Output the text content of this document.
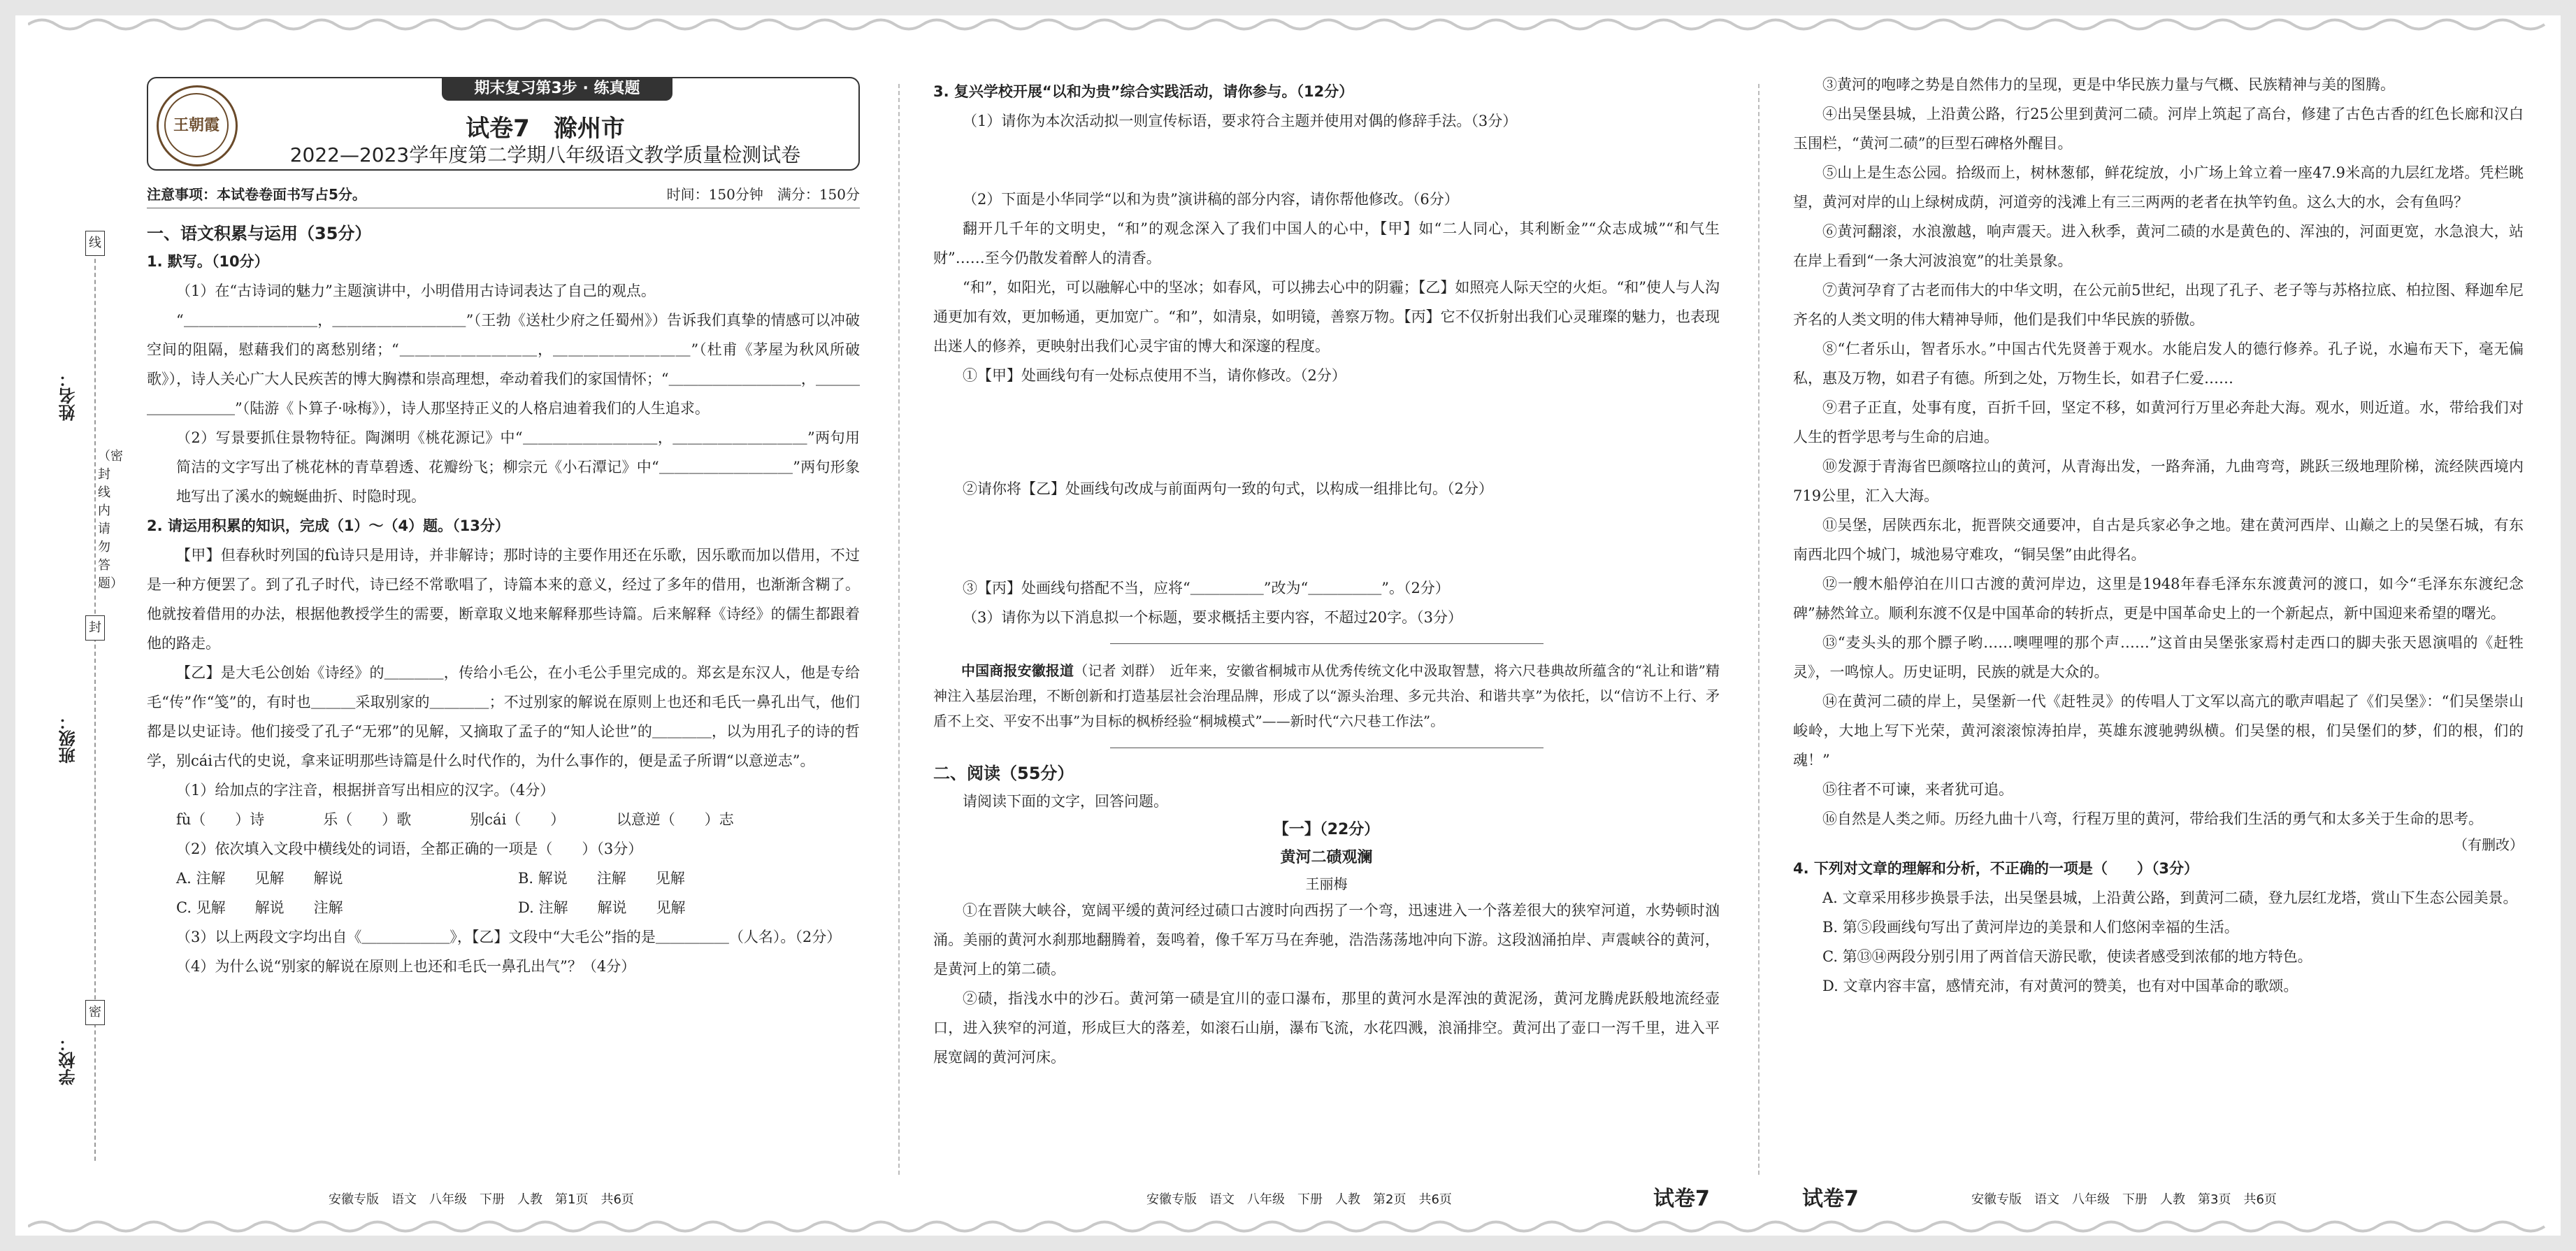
姓名：
班级：
学校：
线
封
密
（密封线内请勿答题）
期末复习第3步 · 练真题
王朝霞	试卷7　滁州市
2022—2023学年度第二学期八年级语文教学质量检测试卷
注意事项：本试卷卷面书写占5分。	时间：150分钟　满分：150分
一、语文积累与运用（35分）

1. 默写。（10分）

（1）在“古诗词的魅力”主题演讲中，小明借用古诗词表达了自己的观点。

“＿＿＿＿＿＿＿＿＿，＿＿＿＿＿＿＿＿＿”（王勃《送杜少府之任蜀州》）告诉我们真挚的情感可以冲破空间的阻隔，慰藉我们的离愁别绪；“＿＿＿＿＿＿＿＿＿，＿＿＿＿＿＿＿＿＿”（杜甫《茅屋为秋风所破歌》），诗人关心广大人民疾苦的博大胸襟和崇高理想，牵动着我们的家国情怀；“＿＿＿＿＿＿＿＿＿，＿＿＿＿＿＿＿＿＿”（陆游《卜算子·咏梅》），诗人那坚持正义的人格启迪着我们的人生追求。

（2）写景要抓住景物特征。陶渊明《桃花源记》中“＿＿＿＿＿＿＿＿＿，＿＿＿＿＿＿＿＿＿”两句用简洁的文字写出了桃花林的青草碧透、花瓣纷飞；柳宗元《小石潭记》中“＿＿＿＿＿＿＿＿＿”两句形象地写出了溪水的蜿蜒曲折、时隐时现。

2. 请运用积累的知识，完成（1）～（4）题。（13分）

【甲】但春秋时列国的fù诗只是用诗，并非解诗；那时诗的主要作用还在乐歌，因乐歌而加以借用，不过是一种方便罢了。到了孔子时代，诗已经不常歌唱了，诗篇本来的意义，经过了多年的借用，也渐渐含糊了。他就按着借用的办法，根据他教授学生的需要，断章取义地来解释那些诗篇。后来解释《诗经》的儒生都跟着他的路走。

【乙】是大毛公创始《诗经》的＿＿＿＿，传给小毛公，在小毛公手里完成的。郑玄是东汉人，他是专给毛“传”作“笺”的，有时也＿＿＿采取别家的＿＿＿＿；不过别家的解说在原则上也还和毛氏一鼻孔出气，他们都是以史证诗。他们接受了孔子“无邪”的见解，又摘取了孟子的“知人论世”的＿＿＿＿，以为用孔子的诗的哲学，别cái古代的史说，拿来证明那些诗篇是什么时代作的，为什么事作的，便是孟子所谓“以意逆志”。

（1）给加点的字注音，根据拼音写出相应的汉字。（4分）

fù（　　）诗　　　　乐（　　）歌　　　　别cái（　　）　　　　以意逆（　　）志

（2）依次填入文段中横线处的词语，全都正确的一项是（　　）（3分）

A. 注解　　见解　　解说	B. 解说　　注解　　见解
C. 见解　　解说　　注解	D. 注解　　解说　　见解

（3）以上两段文字均出自《＿＿＿＿＿＿》，【乙】文段中“大毛公”指的是＿＿＿＿＿（人名）。（2分）

（4）为什么说“别家的解说在原则上也还和毛氏一鼻孔出气”？（4分）

安徽专版　语文　八年级　下册　人教　第1页　共6页

3. 复兴学校开展“以和为贵”综合实践活动，请你参与。（12分）

（1）请你为本次活动拟一则宣传标语，要求符合主题并使用对偶的修辞手法。（3分）

（2）下面是小华同学“以和为贵”演讲稿的部分内容，请你帮他修改。（6分）

翻开几千年的文明史，“和”的观念深入了我们中国人的心中，【甲】如“二人同心，其利断金”“众志成城”“和气生财”……至今仍散发着醉人的清香。

“和”，如阳光，可以融解心中的坚冰；如春风，可以拂去心中的阴霾；【乙】如照亮人际天空的火炬。“和”使人与人沟通更加有效，更加畅通，更加宽广。“和”，如清泉，如明镜，善察万物。【丙】它不仅折射出我们心灵璀璨的魅力，也表现出迷人的修养，更映射出我们心灵宇宙的博大和深邃的程度。

①【甲】处画线句有一处标点使用不当，请你修改。（2分）

②请你将【乙】处画线句改成与前面两句一致的句式，以构成一组排比句。（2分）

③【丙】处画线句搭配不当，应将“＿＿＿＿＿”改为“＿＿＿＿＿”。（2分）

（3）请你为以下消息拟一个标题，要求概括主要内容，不超过20字。（3分）

中国商报安徽报道（记者 刘群）　 近年来，安徽省桐城市从优秀传统文化中汲取智慧，将六尺巷典故所蕴含的“礼让和谐”精神注入基层治理，不断创新和打造基层社会治理品牌，形成了以“源头治理、多元共治、和谐共享”为依托，以“信访不上行、矛盾不上交、平安不出事”为目标的枫桥经验“桐城模式”——新时代“六尺巷工作法”。

二、阅读（55分）

请阅读下面的文字，回答问题。

【一】（22分）
黄河二碛观澜
王丽梅

①在晋陕大峡谷，宽阔平缓的黄河经过碛口古渡时向西拐了一个弯，迅速进入一个落差很大的狭窄河道，水势顿时汹涌。美丽的黄河水刹那地翻腾着，轰鸣着，像千军万马在奔驰，浩浩荡荡地冲向下游。这段汹涌拍岸、声震峡谷的黄河，是黄河上的第二碛。

②碛，指浅水中的沙石。黄河第一碛是宜川的壶口瀑布，那里的黄河水是浑浊的黄泥汤，黄河龙腾虎跃般地流经壶口，进入狭窄的河道，形成巨大的落差，如滚石山崩，瀑布飞流，水花四溅，浪涌排空。黄河出了壶口一泻千里，进入平展宽阔的黄河河床。

安徽专版　语文　八年级　下册　人教　第2页　共6页	试卷7

③黄河的咆哮之势是自然伟力的呈现，更是中华民族力量与气概、民族精神与美的图腾。

④出吴堡县城，上沿黄公路，行25公里到黄河二碛。河岸上筑起了高台，修建了古色古香的红色长廊和汉白玉围栏，“黄河二碛”的巨型石碑格外醒目。

⑤山上是生态公园。拾级而上，树林葱郁，鲜花绽放，小广场上耸立着一座47.9米高的九层红龙塔。凭栏眺望，黄河对岸的山上绿树成荫，河道旁的浅滩上有三三两两的老者在执竿钓鱼。这么大的水，会有鱼吗？

⑥黄河翻滚，水浪激越，响声震天。进入秋季，黄河二碛的水是黄色的、浑浊的，河面更宽，水急浪大，站在岸上看到“一条大河波浪宽”的壮美景象。

⑦黄河孕育了古老而伟大的中华文明，在公元前5世纪，出现了孔子、老子等与苏格拉底、柏拉图、释迦牟尼齐名的人类文明的伟大精神导师，他们是我们中华民族的骄傲。

⑧“仁者乐山，智者乐水。”中国古代先贤善于观水。水能启发人的德行修养。孔子说，水遍布天下，毫无偏私，惠及万物，如君子有德。所到之处，万物生长，如君子仁爱……

⑨君子正直，处事有度，百折千回，坚定不移，如黄河行万里必奔赴大海。观水，则近道。水，带给我们对人生的哲学思考与生命的启迪。

⑩发源于青海省巴颜喀拉山的黄河，从青海出发，一路奔涌，九曲弯弯，跳跃三级地理阶梯，流经陕西境内719公里，汇入大海。

⑪吴堡，居陕西东北，扼晋陕交通要冲，自古是兵家必争之地。建在黄河西岸、山巅之上的吴堡石城，有东南西北四个城门，城池易守难攻，“铜吴堡”由此得名。

⑫一艘木船停泊在川口古渡的黄河岸边，这里是1948年春毛泽东东渡黄河的渡口，如今“毛泽东东渡纪念碑”赫然耸立。顺利东渡不仅是中国革命的转折点，更是中国革命史上的一个新起点，新中国迎来希望的曙光。

⑬“麦头头的那个膘子哟……噢哩哩的那个声……”这首由吴堡张家焉村走西口的脚夫张天恩演唱的《赶牲灵》，一鸣惊人。历史证明，民族的就是大众的。

⑭在黄河二碛的岸上，吴堡新一代《赶牲灵》的传唱人丁文军以高亢的歌声唱起了《们吴堡》：“们吴堡崇山峻岭，大地上写下光荣，黄河滚滚惊涛拍岸，英雄东渡驰骋纵横。们吴堡的根，们吴堡们的梦，们的根，们的魂！”

⑮往者不可谏，来者犹可追。

⑯自然是人类之师。历经九曲十八弯，行程万里的黄河，带给我们生活的勇气和太多关于生命的思考。

（有删改）

4. 下列对文章的理解和分析，不正确的一项是（　　）（3分）

A. 文章采用移步换景手法，出吴堡县城，上沿黄公路，到黄河二碛，登九层红龙塔，赏山下生态公园美景。

B. 第⑤段画线句写出了黄河岸边的美景和人们悠闲幸福的生活。

C. 第⑬⑭两段分别引用了两首信天游民歌，使读者感受到浓郁的地方特色。

D. 文章内容丰富，感情充沛，有对黄河的赞美，也有对中国革命的歌颂。

试卷7	安徽专版　语文　八年级　下册　人教　第3页　共6页
